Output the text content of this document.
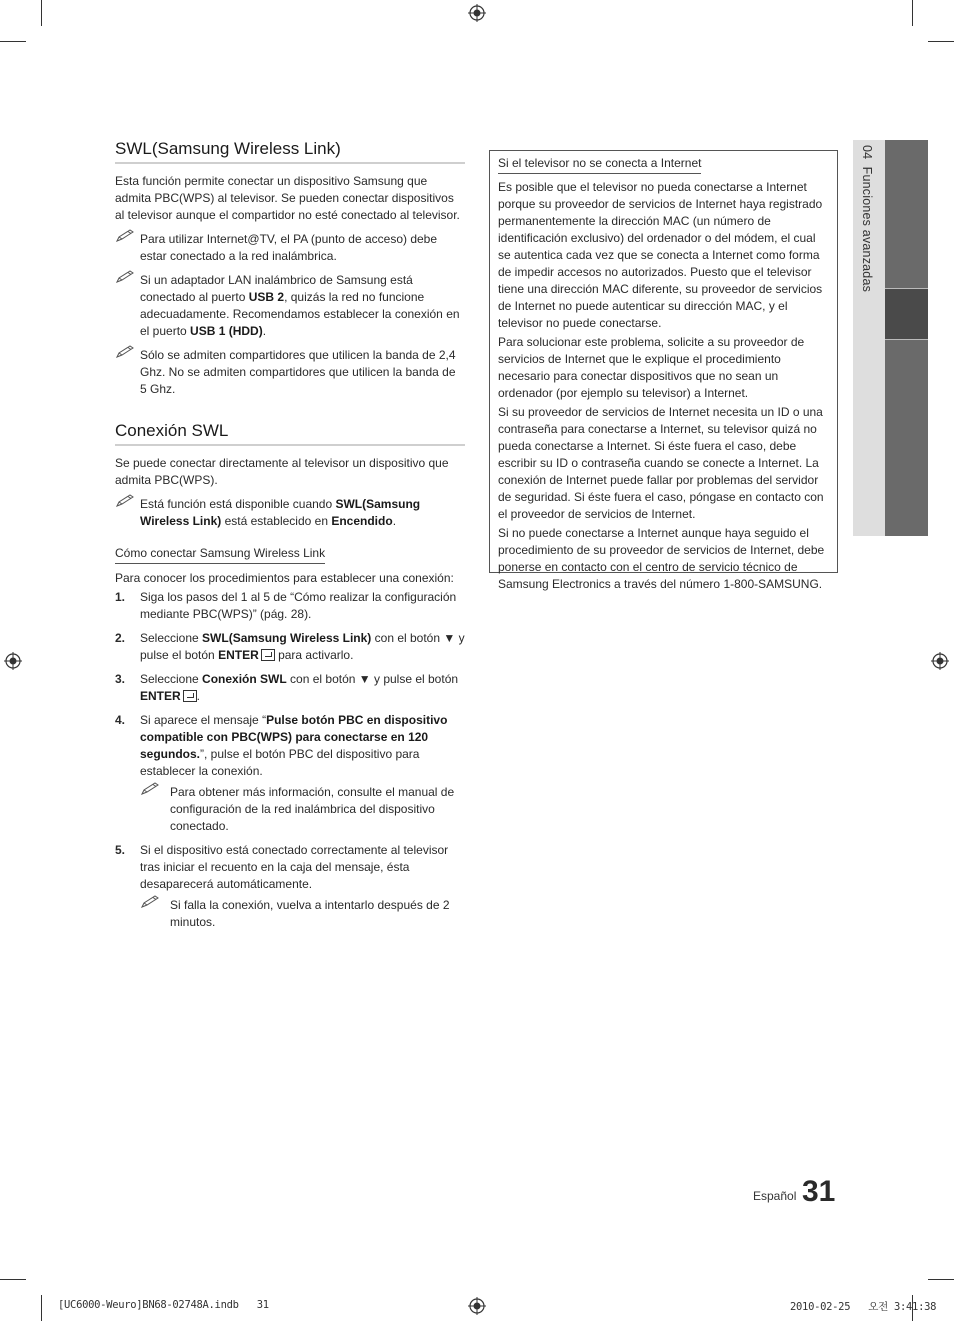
SWL(Samsung Wireless Link)

Esta función permite conectar un dispositivo Samsung que admita PBC(WPS) al televisor. Se pueden conectar dispositivos al televisor aunque el compartidor no esté conectado al televisor.

Para utilizar Internet@TV, el PA (punto de acceso) debe estar conectado a la red inalámbrica.
Si un adaptador LAN inalámbrico de Samsung está conectado al puerto USB 2, quizás la red no funcione adecuadamente. Recomendamos establecer la conexión en el puerto USB 1 (HDD).
Sólo se admiten compartidores que utilicen la banda de 2,4 Ghz. No se admiten compartidores que utilicen la banda de 5 Ghz.
Conexión SWL

Se puede conectar directamente al televisor un dispositivo que admita PBC(WPS).

Está función está disponible cuando SWL(Samsung Wireless Link) está establecido en Encendido.
Cómo conectar Samsung Wireless Link

Para conocer los procedimientos para establecer una conexión:

1. Siga los pasos del 1 al 5 de “Cómo realizar la configuración mediante PBC(WPS)” (pág. 28).
2. Seleccione SWL(Samsung Wireless Link) con el botón ▼ y pulse el botón ENTER para activarlo.
3. Seleccione Conexión SWL con el botón ▼ y pulse el botón ENTER .
4. Si aparece el mensaje “Pulse botón PBC en dispositivo compatible con PBC(WPS) para conectarse en 120 segundos.”, pulse el botón PBC del dispositivo para establecer la conexión.
Para obtener más información, consulte el manual de configuración de la red inalámbrica del dispositivo conectado.
5. Si el dispositivo está conectado correctamente al televisor tras iniciar el recuento en la caja del mensaje, ésta desaparecerá automáticamente.
Si falla la conexión, vuelva a intentarlo después de 2 minutos.
Si el televisor no se conecta a Internet

Es posible que el televisor no pueda conectarse a Internet porque su proveedor de servicios de Internet haya registrado permanentemente la dirección MAC (un número de identificación exclusivo) del ordenador o del módem, el cual se autentica cada vez que se conecta a Internet como forma de impedir accesos no autorizados. Puesto que el televisor tiene una dirección MAC diferente, su proveedor de servicios de Internet no puede autenticar su dirección MAC, y el televisor no puede conectarse.

Para solucionar este problema, solicite a su proveedor de servicios de Internet que le explique el procedimiento necesario para conectar dispositivos que no sean un ordenador (por ejemplo su televisor) a Internet.

Si su proveedor de servicios de Internet necesita un ID o una contraseña para conectarse a Internet, su televisor quizá no pueda conectarse a Internet. Si éste fuera el caso, debe escribir su ID o contraseña cuando se conecte a Internet. La conexión de Internet puede fallar por problemas del servidor de seguridad. Si éste fuera el caso, póngase en contacto con el proveedor de servicios de Internet.

Si no puede conectarse a Internet aunque haya seguido el procedimiento de su proveedor de servicios de Internet, debe ponerse en contacto con el centro de servicio técnico de Samsung Electronics a través del número 1-800-SAMSUNG.

04  Funciones avanzadas
Español 31
[UC6000-Weuro]BN68-02748A.indb   31	2010-02-25   오전 3:41:38
